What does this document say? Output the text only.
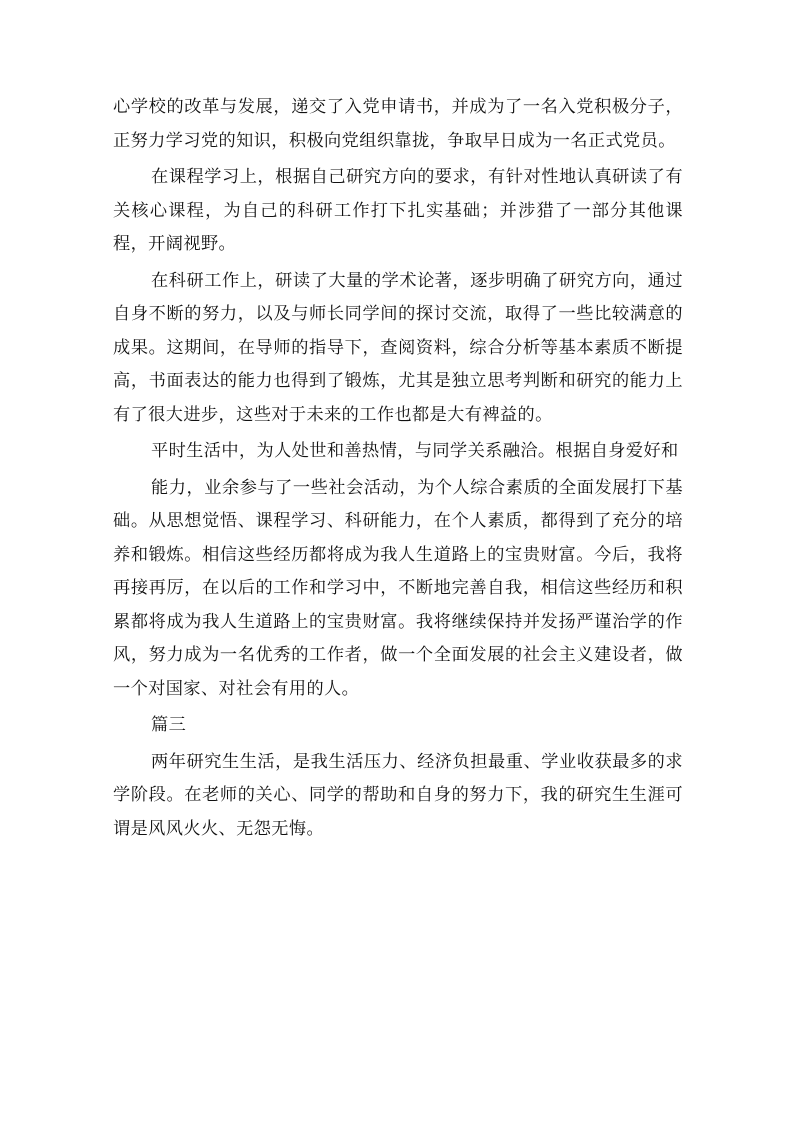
心学校的改革与发展，递交了入党申请书，并成为了一名入党积极分子，正努力学习党的知识，积极向党组织靠拢，争取早日成为一名正式党员。

在课程学习上，根据自己研究方向的要求，有针对性地认真研读了有关核心课程，为自己的科研工作打下扎实基础；并涉猎了一部分其他课程，开阔视野。

在科研工作上，研读了大量的学术论著，逐步明确了研究方向，通过自身不断的努力，以及与师长同学间的探讨交流，取得了一些比较满意的成果。这期间，在导师的指导下，查阅资料，综合分析等基本素质不断提高，书面表达的能力也得到了锻炼，尤其是独立思考判断和研究的能力上有了很大进步，这些对于未来的工作也都是大有裨益的。

平时生活中，为人处世和善热情，与同学关系融洽。根据自身爱好和

能力，业余参与了一些社会活动，为个人综合素质的全面发展打下基础。从思想觉悟、课程学习、科研能力，在个人素质，都得到了充分的培养和锻炼。相信这些经历都将成为我人生道路上的宝贵财富。今后，我将再接再厉，在以后的工作和学习中，不断地完善自我，相信这些经历和积累都将成为我人生道路上的宝贵财富。我将继续保持并发扬严谨治学的作风，努力成为一名优秀的工作者，做一个全面发展的社会主义建设者，做一个对国家、对社会有用的人。

篇三

两年研究生生活，是我生活压力、经济负担最重、学业收获最多的求学阶段。在老师的关心、同学的帮助和自身的努力下，我的研究生生涯可谓是风风火火、无怨无悔。
